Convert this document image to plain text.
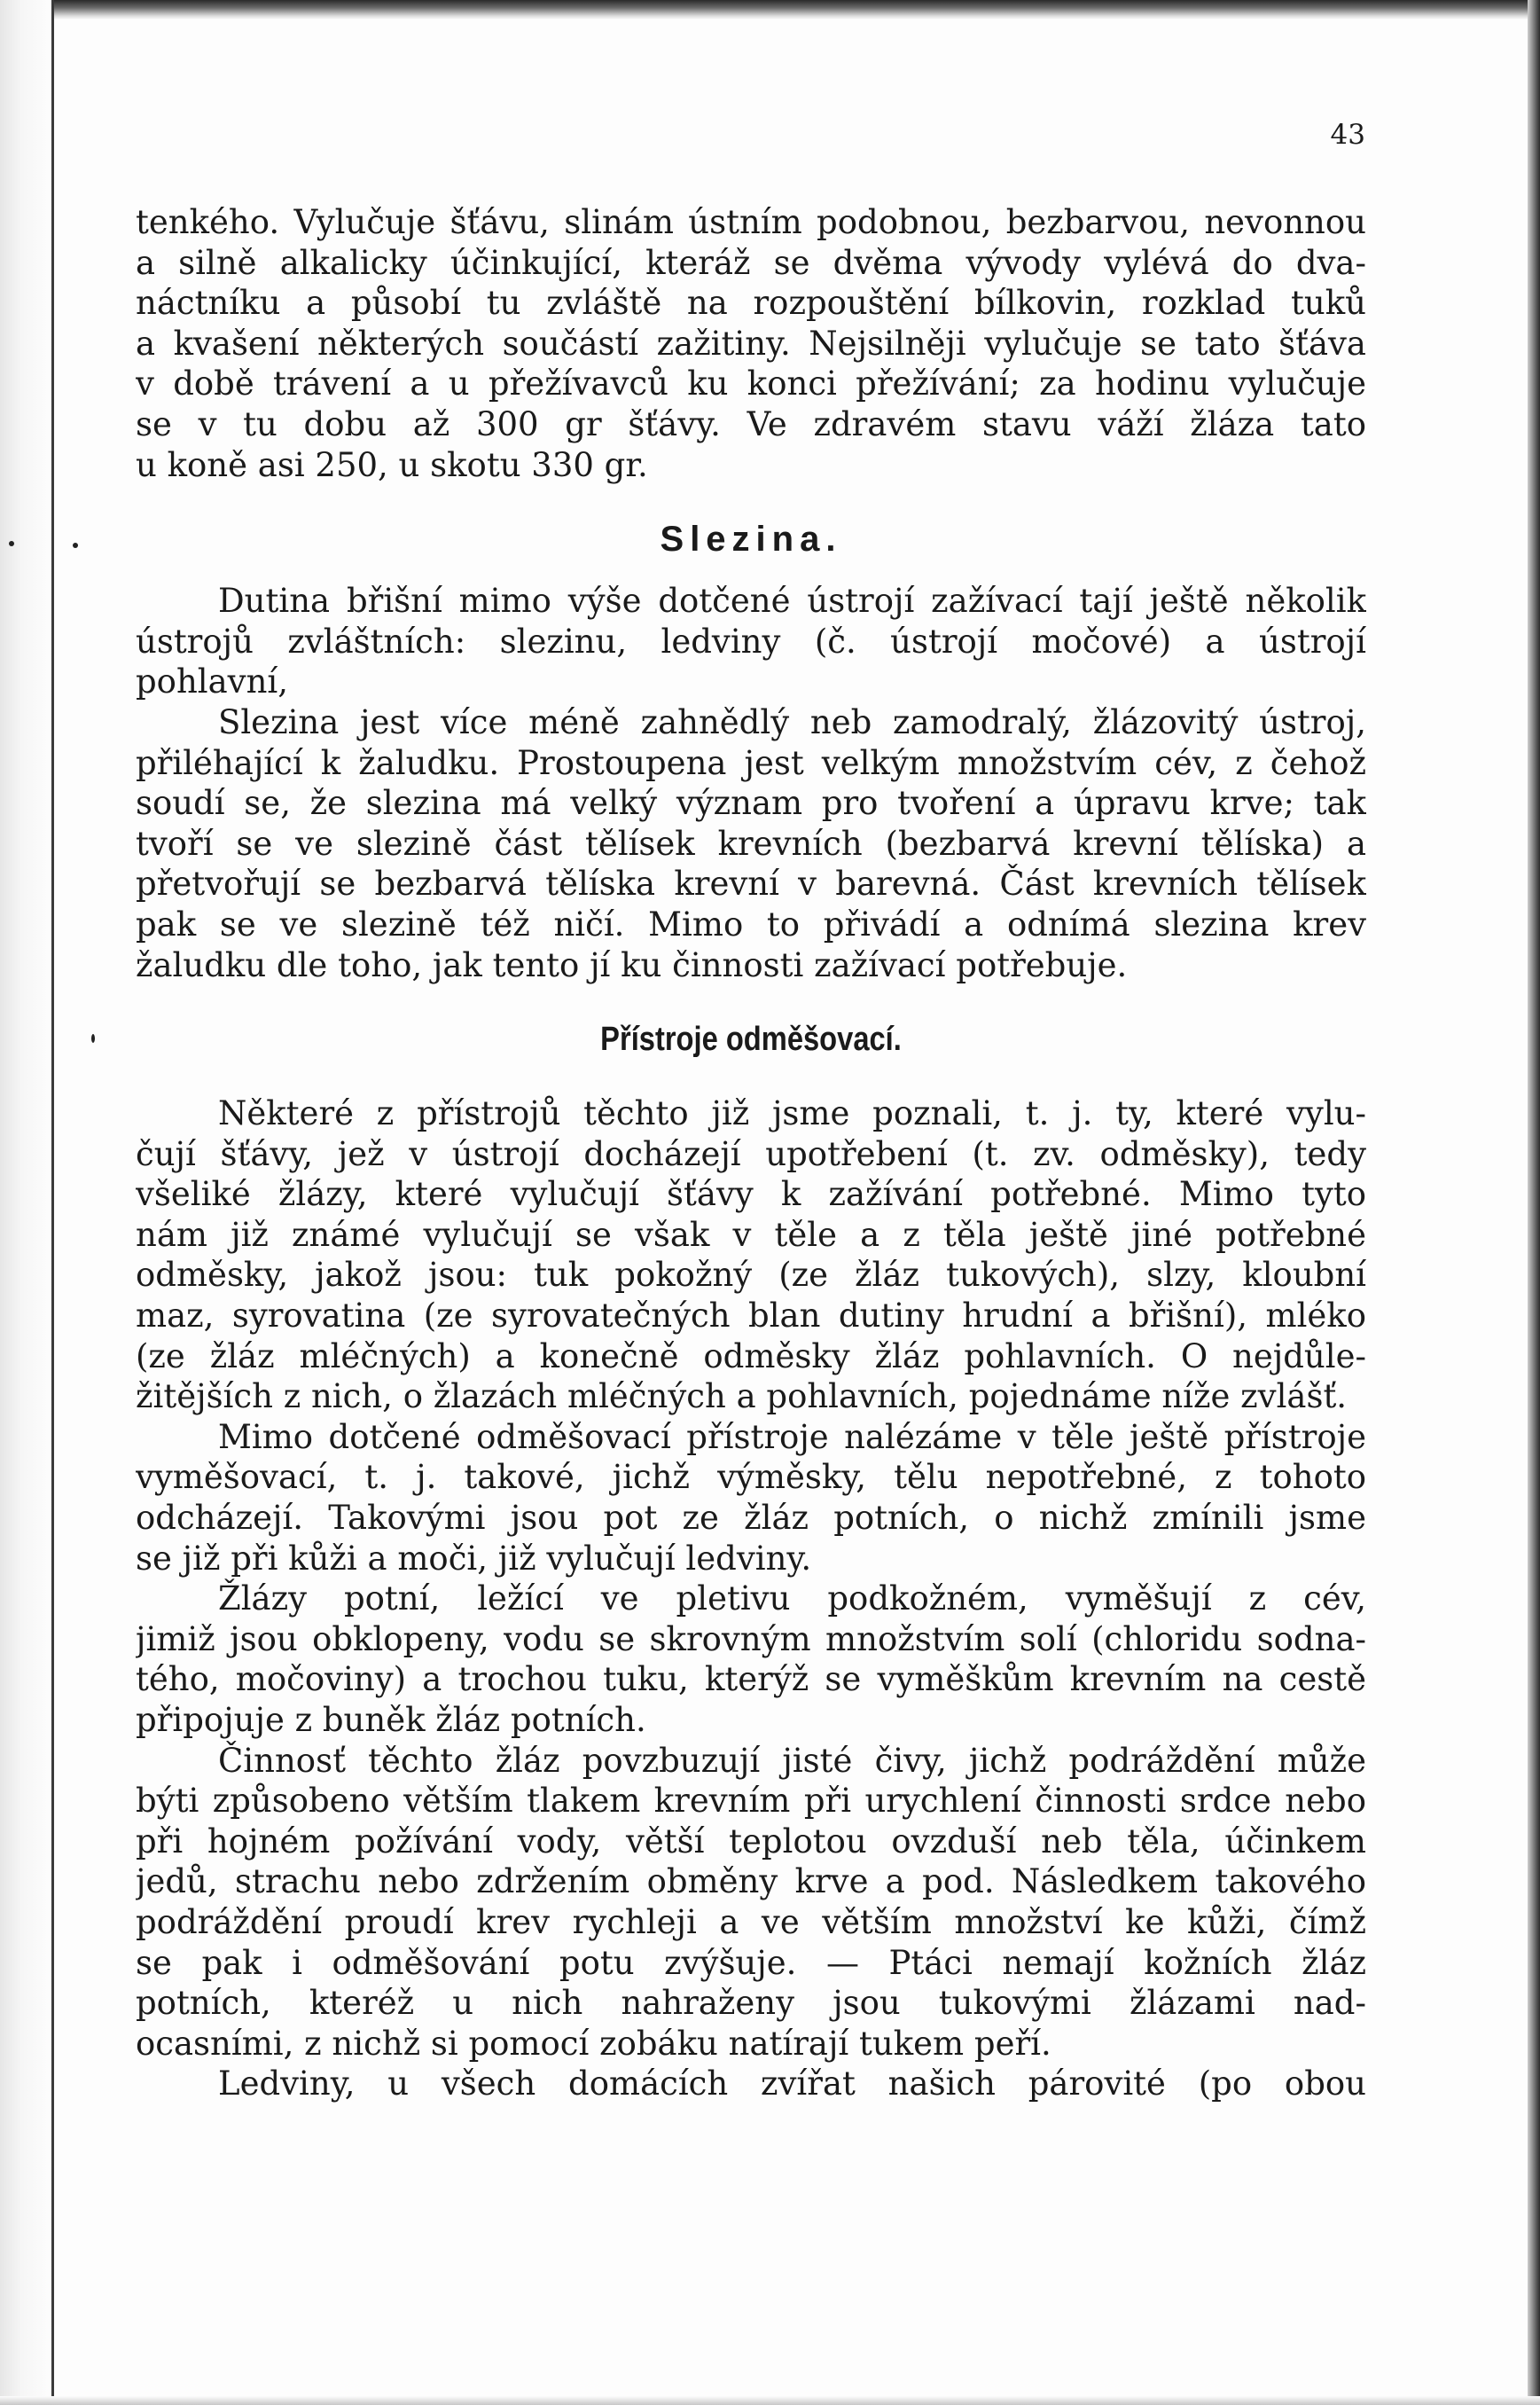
43
tenkého. Vylučuje šťávu, slinám ústním podobnou, bezbarvou, nevonnou
a silně alkalicky účinkující, kteráž se dvěma vývody vylévá do dva-
náctníku a působí tu zvláště na rozpouštění bílkovin, rozklad tuků
a kvašení některých součástí zažitiny. Nejsilněji vylučuje se tato šťáva
v době trávení a u přežívavců ku konci přežívání; za hodinu vylučuje
se v tu dobu až 300 gr šťávy. Ve zdravém stavu váží žláza tato
u koně asi 250, u skotu 330 gr.
Slezina.
Dutina břišní mimo výše dotčené ústrojí zažívací tají ještě několik
ústrojů zvláštních: slezinu, ledviny (č. ústrojí močové) a ústrojí
pohlavní,
Slezina jest více méně zahnědlý neb zamodralý, žlázovitý ústroj,
přiléhající k žaludku. Prostoupena jest velkým množstvím cév, z čehož
soudí se, že slezina má velký význam pro tvoření a úpravu krve; tak
tvoří se ve slezině část tělísek krevních (bezbarvá krevní tělíska) a
přetvořují se bezbarvá tělíska krevní v barevná. Část krevních tělísek
pak se ve slezině též ničí. Mimo to přivádí a odnímá slezina krev
žaludku dle toho, jak tento jí ku činnosti zažívací potřebuje.
Přístroje odměšovací.
Některé z přístrojů těchto již jsme poznali, t. j. ty, které vylu-
čují šťávy, jež v ústrojí docházejí upotřebení (t. zv. odměsky), tedy
všeliké žlázy, které vylučují šťávy k zažívání potřebné. Mimo tyto
nám již známé vylučují se však v těle a z těla ještě jiné potřebné
odměsky, jakož jsou: tuk pokožný (ze žláz tukových), slzy, kloubní
maz, syrovatina (ze syrovatečných blan dutiny hrudní a břišní), mléko
(ze žláz mléčných) a konečně odměsky žláz pohlavních. O nejdůle-
žitějších z nich, o žlazách mléčných a pohlavních, pojednáme níže zvlášť.
Mimo dotčené odměšovací přístroje nalézáme v těle ještě přístroje
vyměšovací, t. j. takové, jichž výměsky, tělu nepotřebné, z tohoto
odcházejí. Takovými jsou pot ze žláz potních, o nichž zmínili jsme
se již při kůži a moči, již vylučují ledviny.
Žlázy potní, ležící ve pletivu podkožném, vyměšují z cév,
jimiž jsou obklopeny, vodu se skrovným množstvím solí (chloridu sodna-
tého, močoviny) a trochou tuku, kterýž se vyměškům krevním na cestě
připojuje z buněk žláz potních.
Činnosť těchto žláz povzbuzují jisté čivy, jichž podráždění může
býti způsobeno větším tlakem krevním při urychlení činnosti srdce nebo
při hojném požívání vody, větší teplotou ovzduší neb těla, účinkem
jedů, strachu nebo zdržením obměny krve a pod. Následkem takového
podráždění proudí krev rychleji a ve větším množství ke kůži, čímž
se pak i odměšování potu zvýšuje. — Ptáci nemají kožních žláz
potních, kteréž u nich nahraženy jsou tukovými žlázami nad-
ocasními, z nichž si pomocí zobáku natírají tukem peří.
Ledviny, u všech domácích zvířat našich párovité (po obou
